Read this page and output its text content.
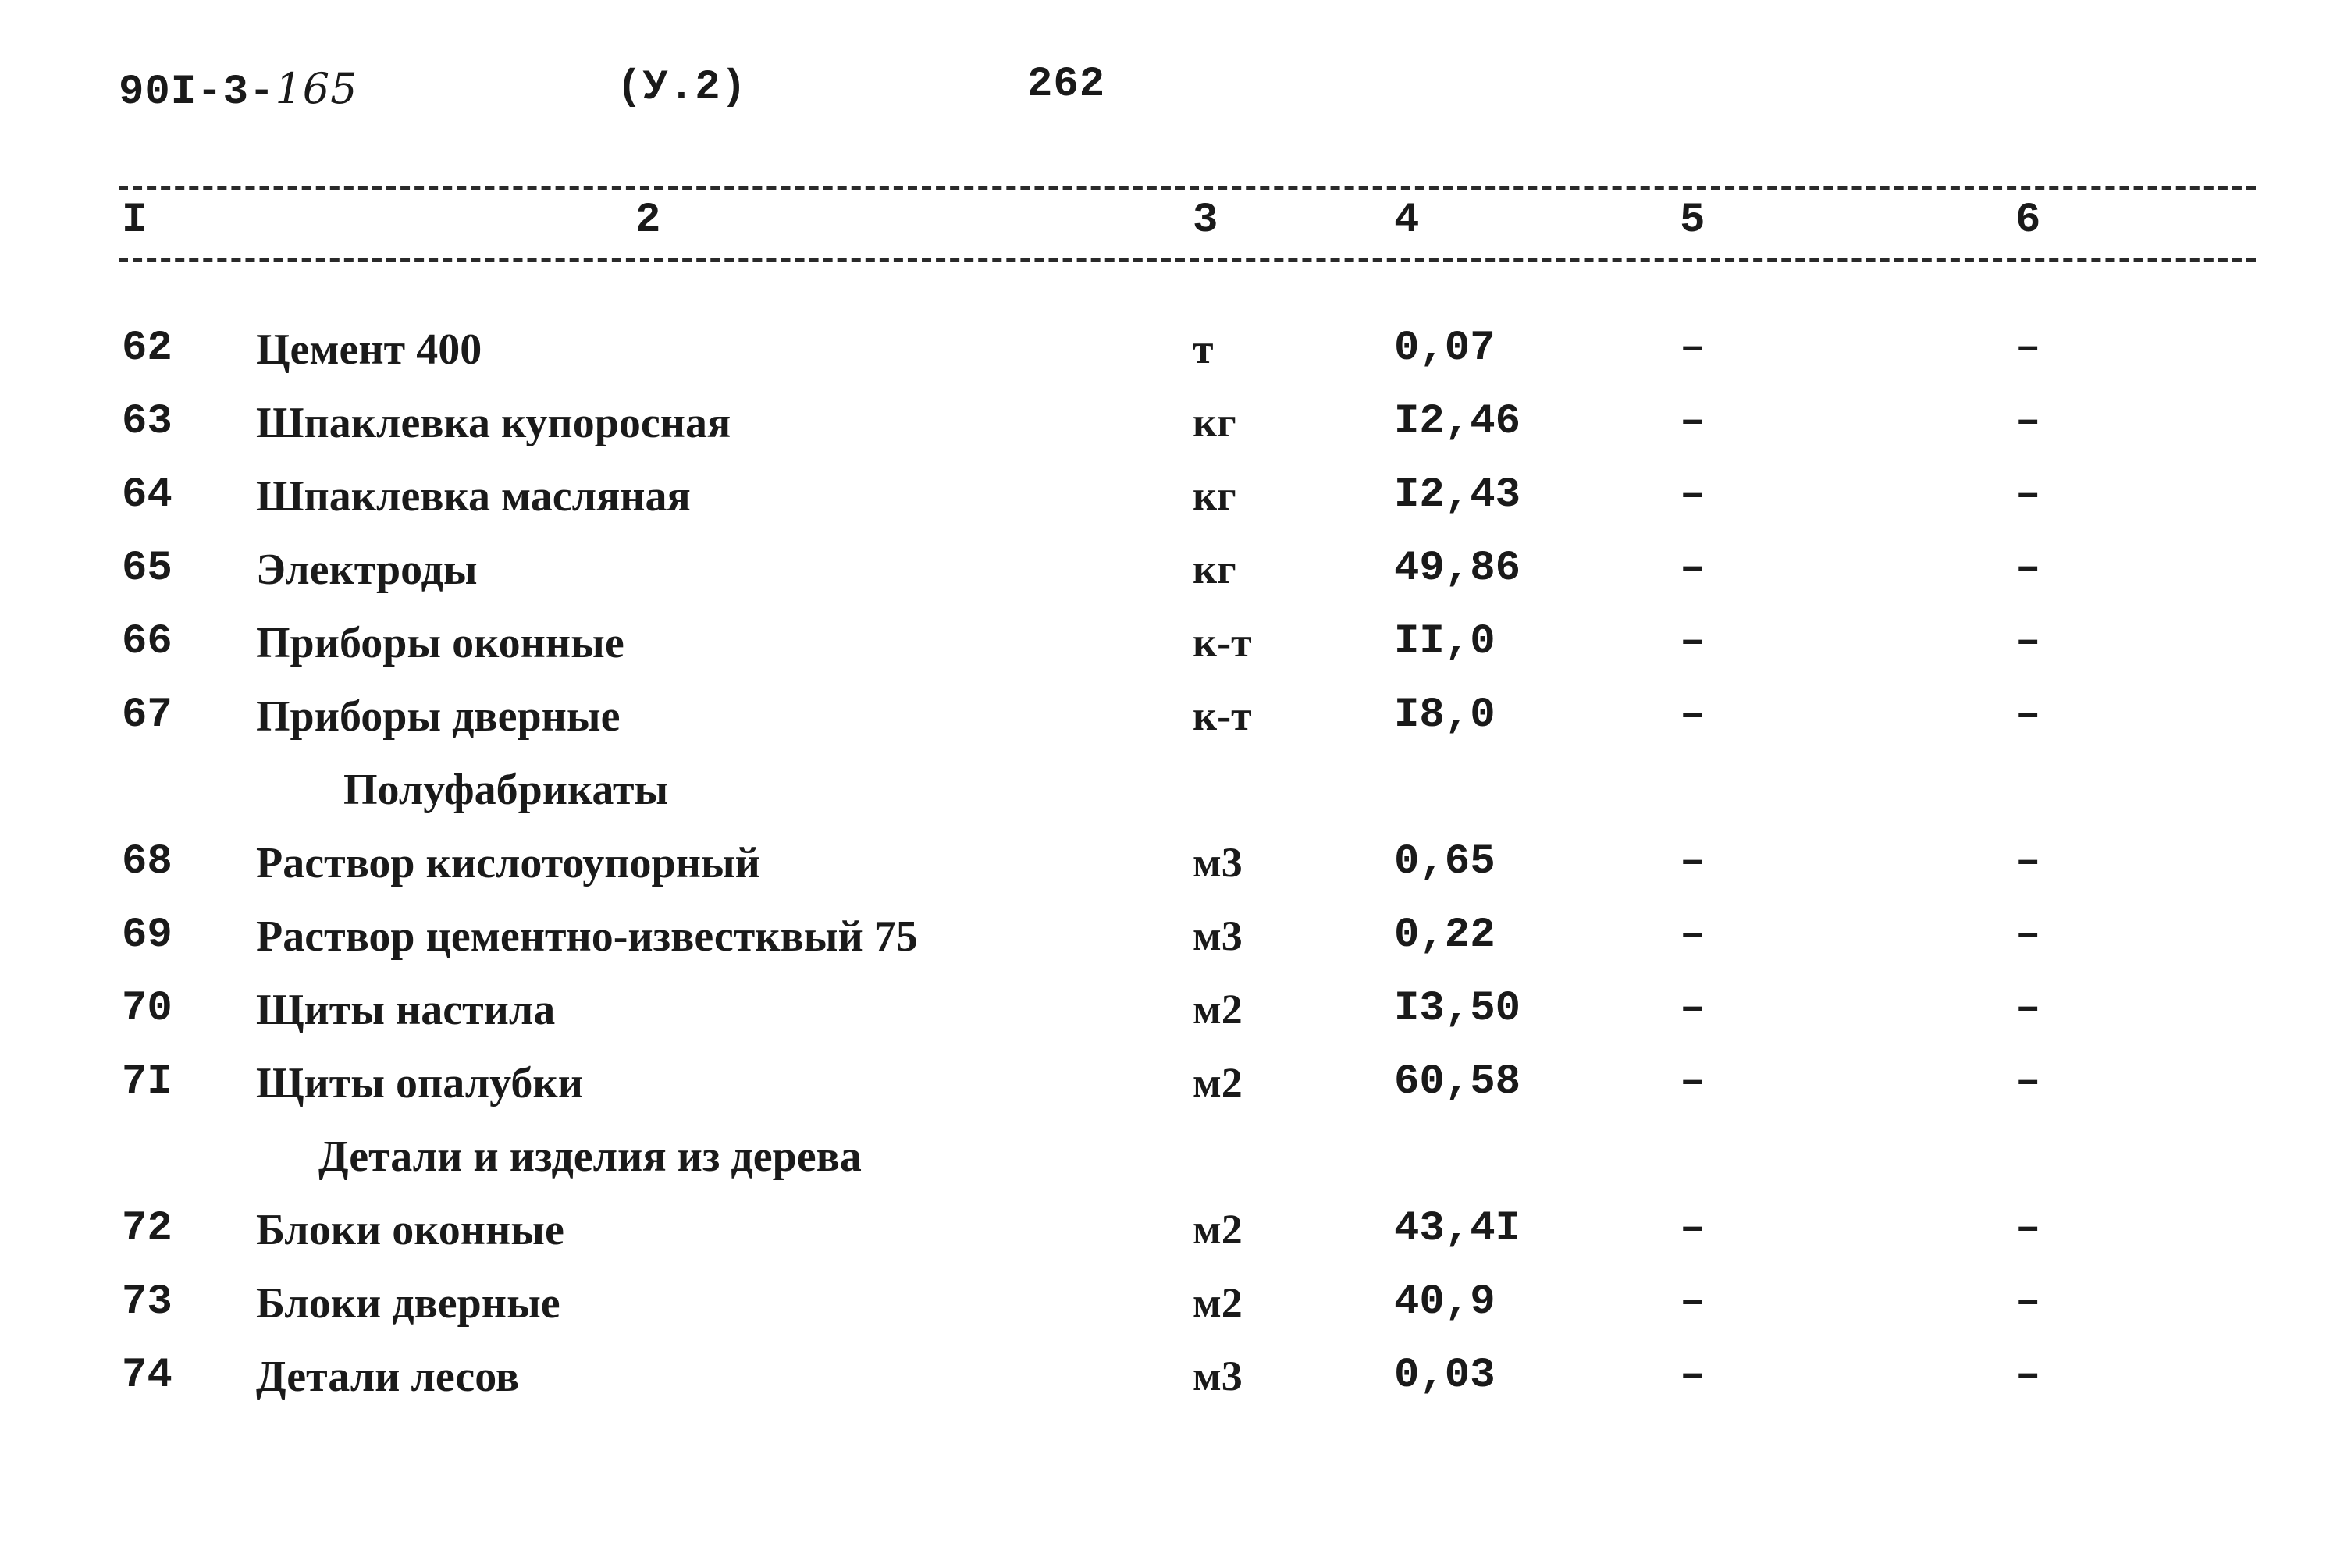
90I-3-165	(У.2)	262
I	2	3	4	5	6
62 Цемент 400	т	0,07	–	–
63 Шпаклевка купоросная	кг	I2,46	–	–
64 Шпаклевка масляная	кг	I2,43	–	–
65 Электроды	кг	49,86	–	–
66 Приборы оконные	к-т	II,0	–	–
67 Приборы дверные	к-т	I8,0	–	–
Полуфабрикаты
68 Раствор кислотоупорный	м3	0,65	–	–
69 Раствор цементно-известквый 75	м3	0,22	–	–
70 Щиты настила	м2	I3,50	–	–
7I Щиты опалубки	м2	60,58	–	–
Детали и изделия из дерева
72 Блоки оконные	м2	43,4I	–	–
73 Блоки дверные	м2	40,9	–	–
74 Детали лесов	м3	0,03	–	–
